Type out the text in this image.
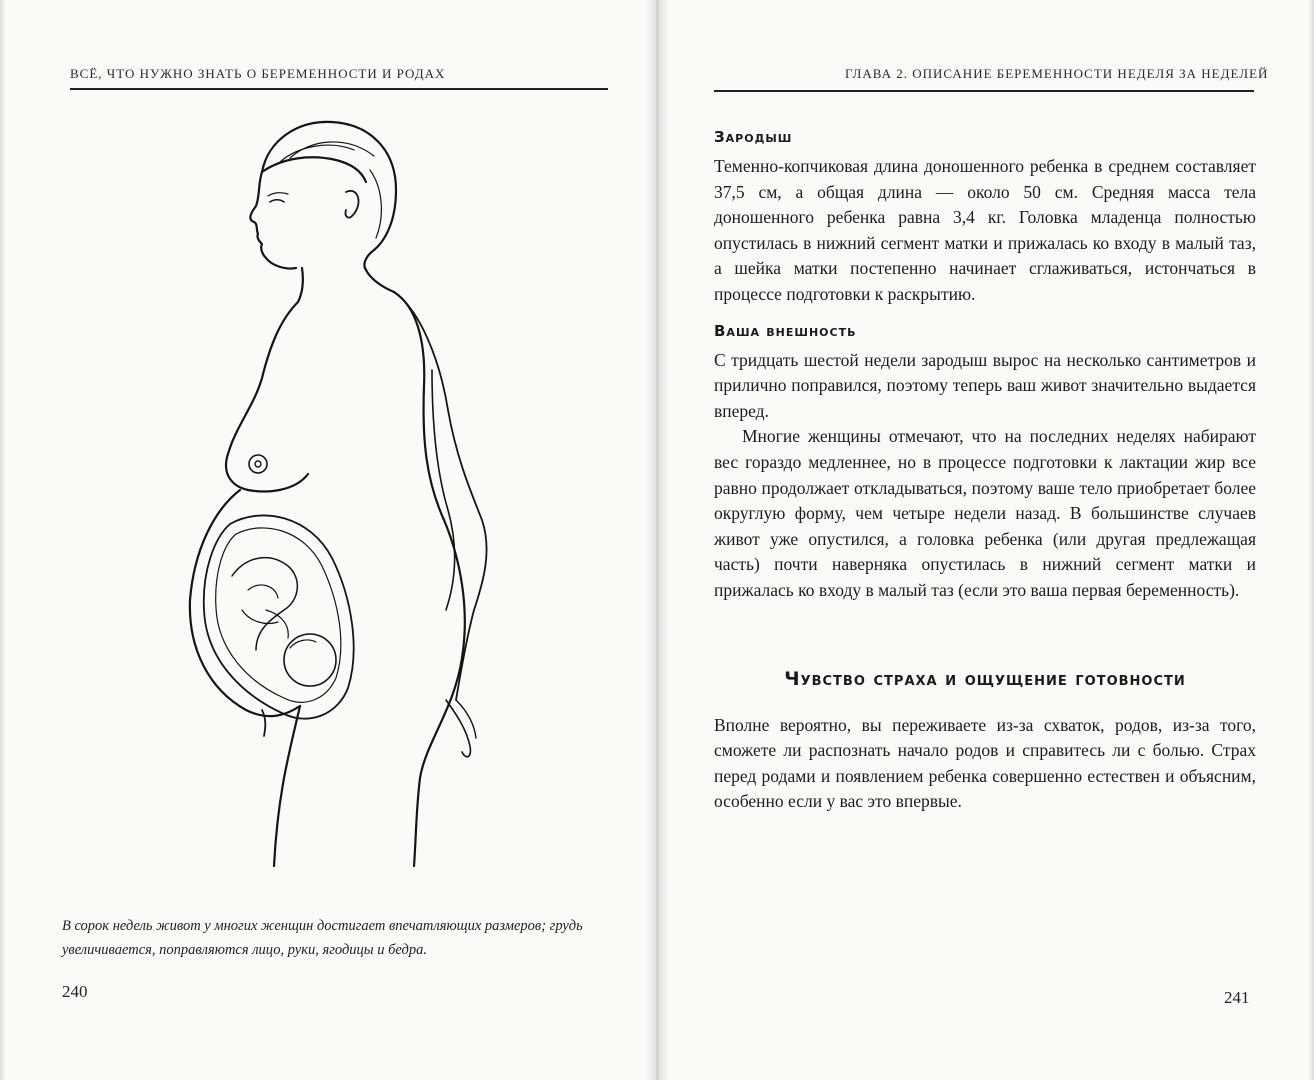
ВСЁ, ЧТО НУЖНО ЗНАТЬ О БЕРЕМЕННОСТИ И РОДАХ
В сорок недель живот у многих женщин достигает впечатляющих размеров; грудь увеличивается, поправляются лицо, руки, ягодицы и бедра.
240
ГЛАВА 2. ОПИСАНИЕ БЕРЕМЕННОСТИ НЕДЕЛЯ ЗА НЕДЕЛЕЙ
Зародыш

Теменно-копчиковая длина доношенного ребенка в среднем составляет 37,5 см, а общая длина — около 50 см. Средняя масса тела доношенного ребенка равна 3,4 кг. Головка младенца полностью опустилась в нижний сегмент матки и прижалась ко входу в малый таз, а шейка матки постепенно начинает сглаживаться, истончаться в процессе подготовки к раскрытию.

Ваша внешность

С тридцать шестой недели зародыш вырос на несколько сантиметров и прилично поправился, поэтому теперь ваш живот значительно выдается вперед.

Многие женщины отмечают, что на последних неделях набирают вес гораздо медленнее, но в процессе подготовки к лактации жир все равно продолжает откладываться, поэтому ваше тело приобретает более округлую форму, чем четыре недели назад. В большинстве случаев живот уже опустился, а головка ребенка (или другая предлежащая часть) почти наверняка опустилась в нижний сегмент матки и прижалась ко входу в малый таз (если это ваша первая беременность).

Чувство страха и ощущение готовности

Вполне вероятно, вы переживаете из-за схваток, родов, из-за того, сможете ли распознать начало родов и справитесь ли с болью. Страх перед родами и появлением ребенка совершенно естествен и объясним, особенно если у вас это впервые.

241
